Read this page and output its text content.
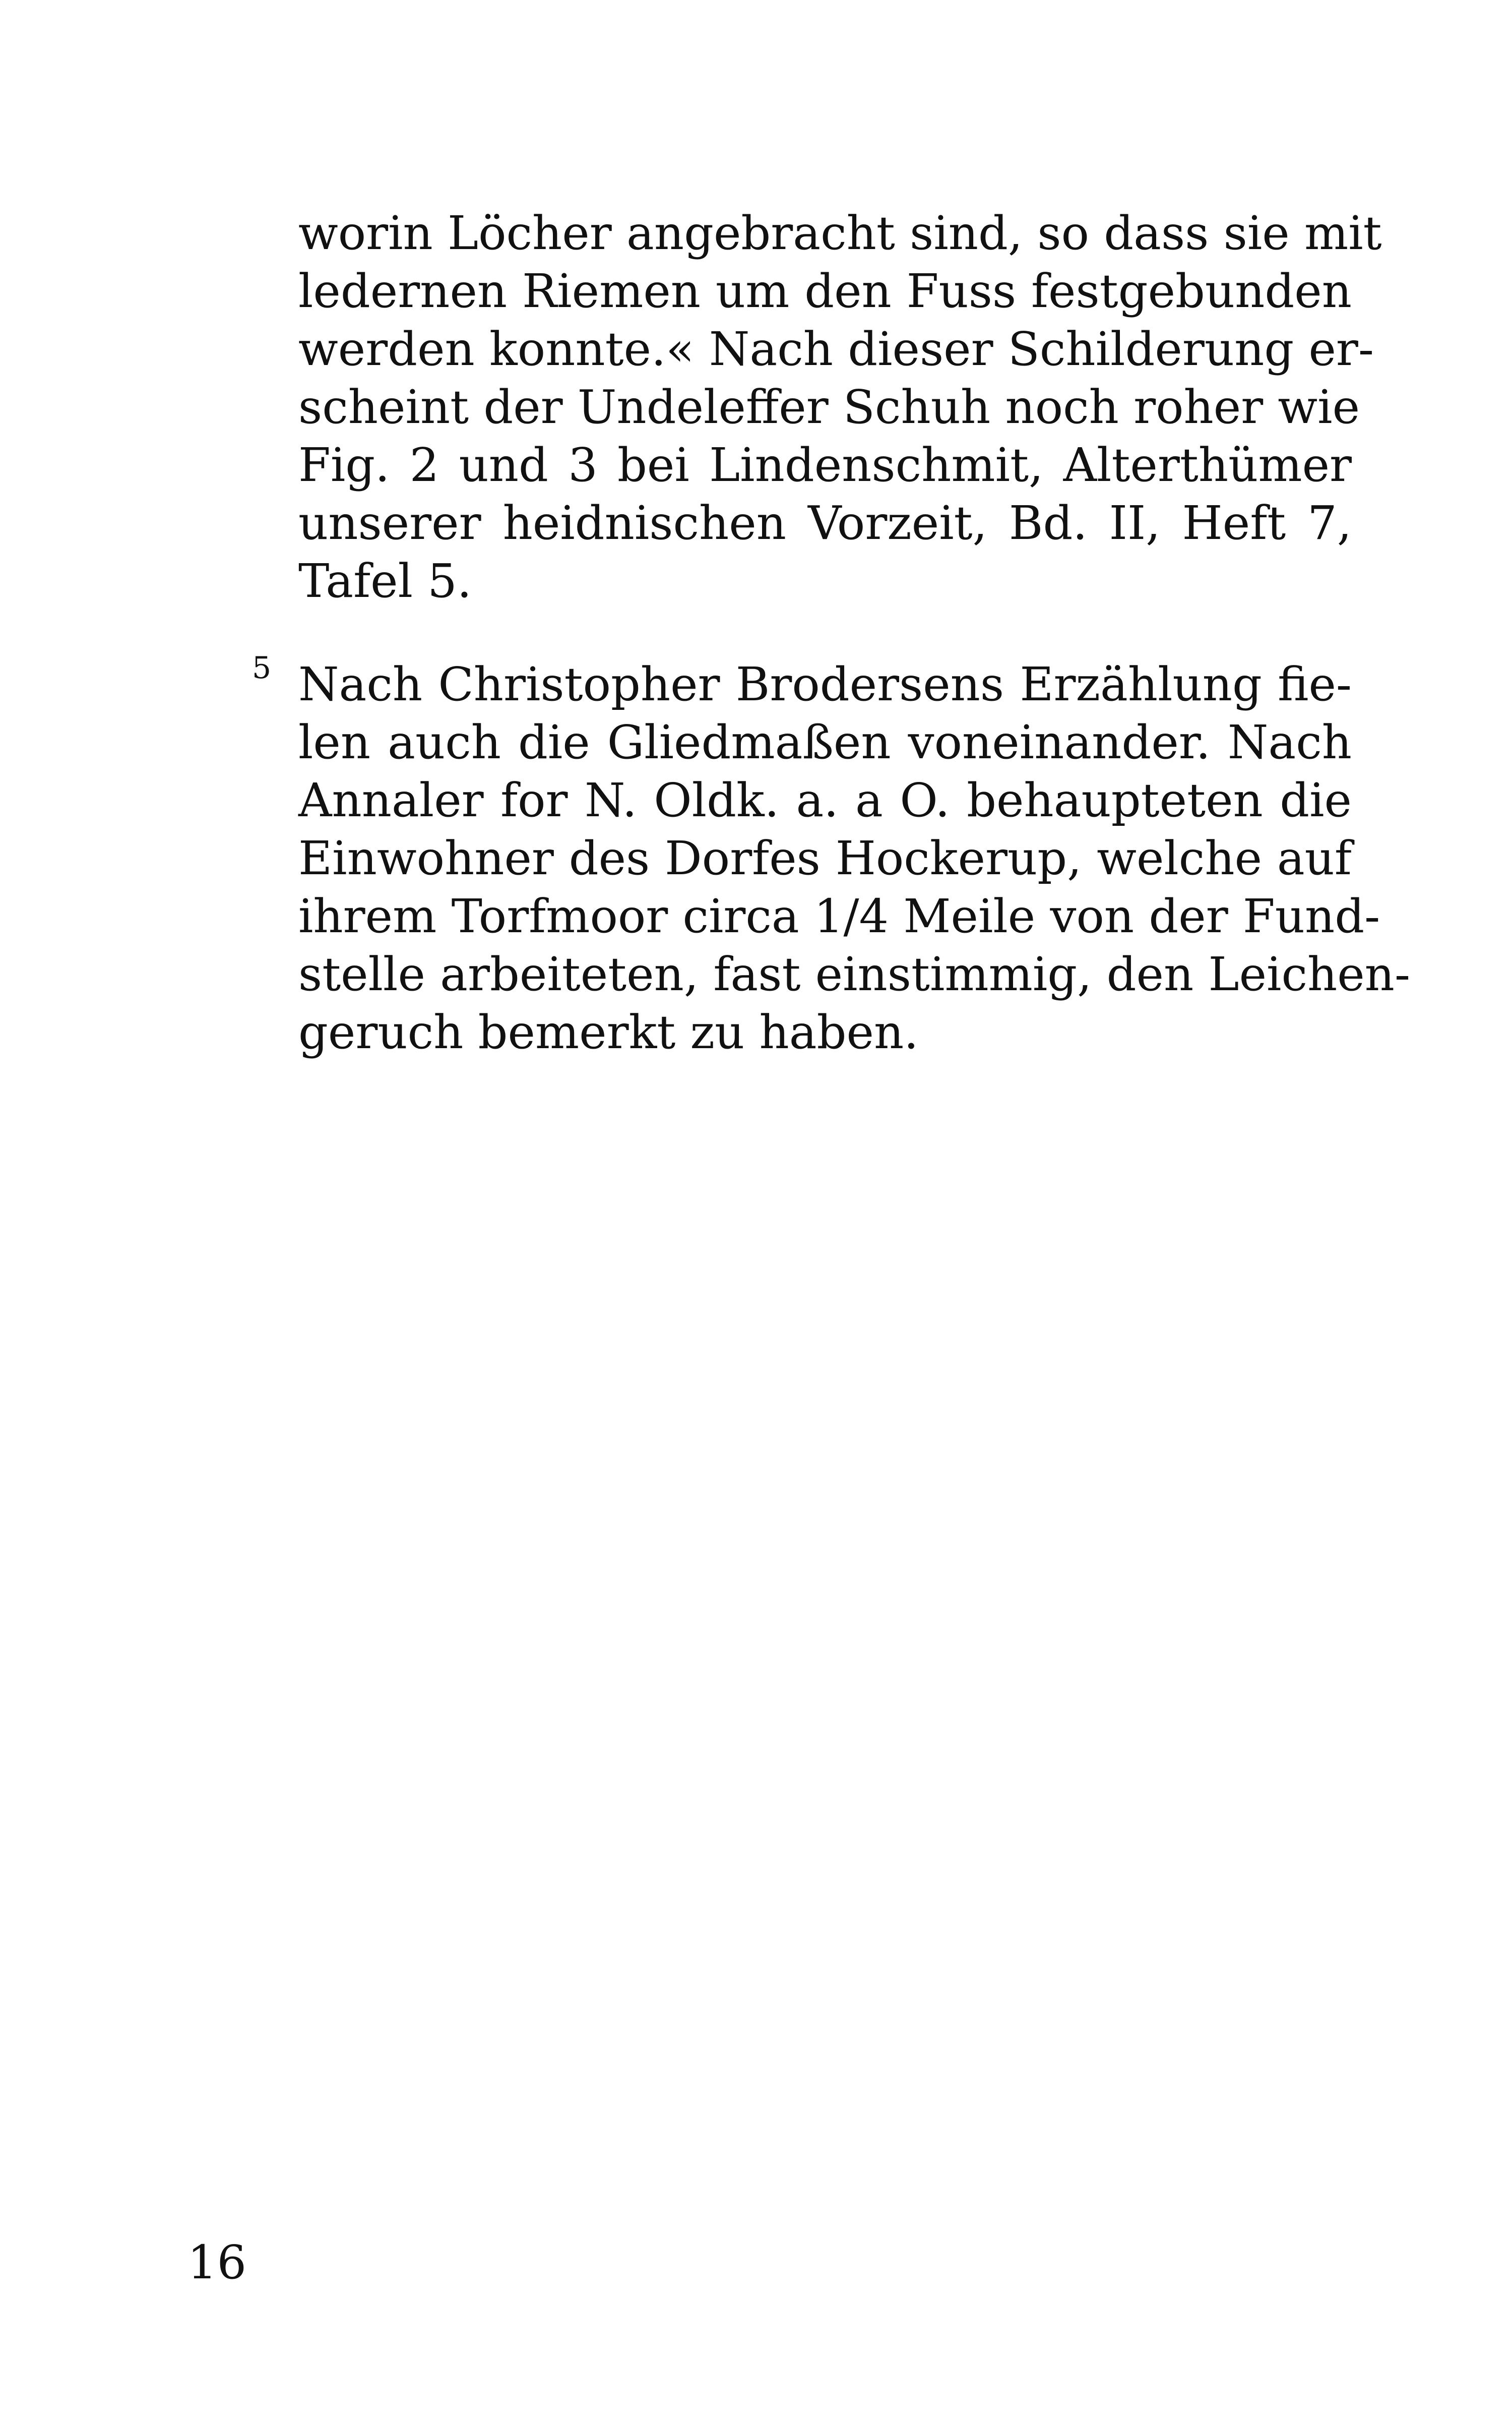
worin Löcher angebracht sind, so dass sie mit
ledernen Riemen um den Fuss festgebunden
werden konnte.« Nach dieser Schilderung er-
scheint der Undeleffer Schuh noch roher wie
Fig. 2 und 3 bei Lindenschmit, Alterthümer
unserer heidnischen Vorzeit, Bd. II, Heft 7,
Tafel 5.
5 Nach Christopher Brodersens Erzählung fie-
len auch die Gliedmaßen voneinander. Nach
Annaler for N. Oldk. a. a O. behaupteten die
Einwohner des Dorfes Hockerup, welche auf
ihrem Torfmoor circa 1/4 Meile von der Fund-
stelle arbeiteten, fast einstimmig, den Leichen-
geruch bemerkt zu haben.
16
